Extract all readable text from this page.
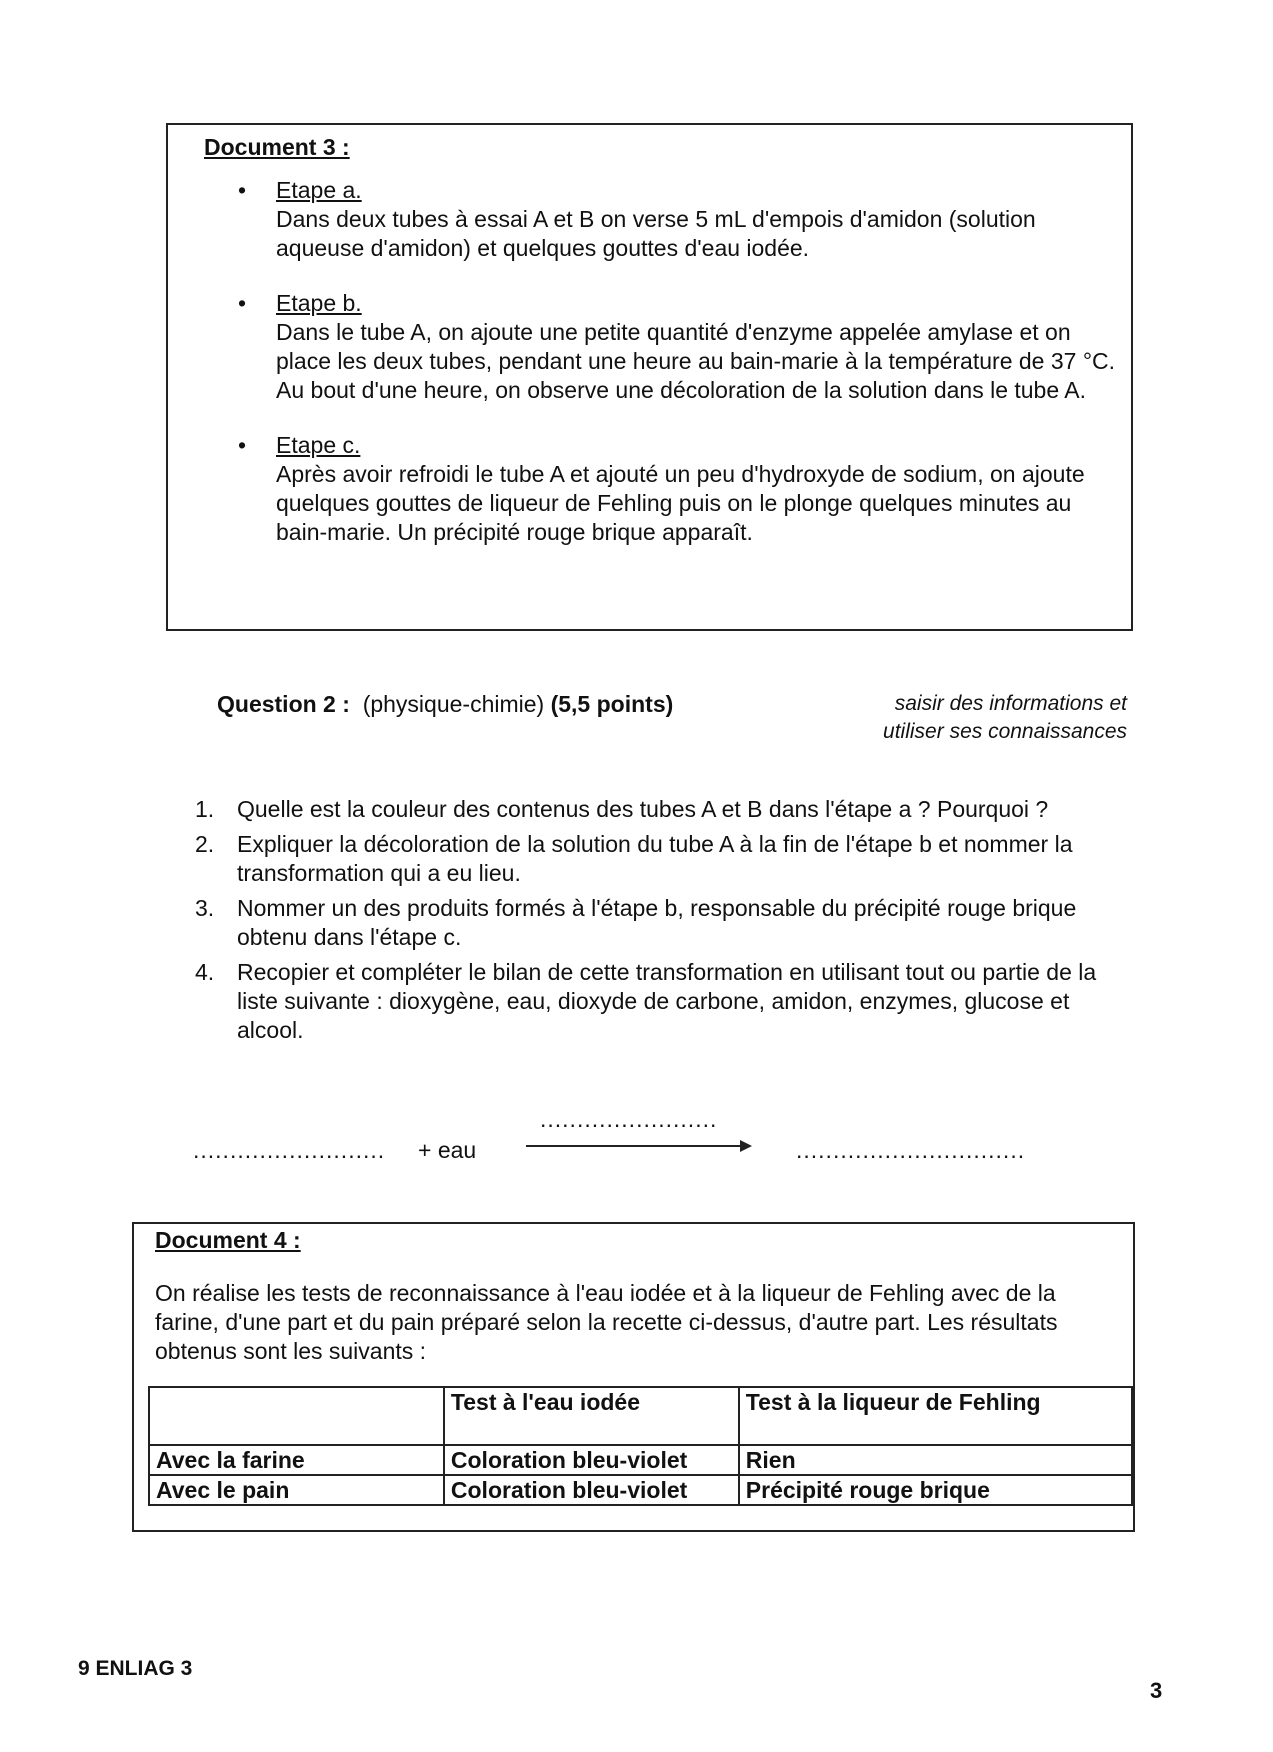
Document 3 :
• Etape a.
Dans deux tubes à essai A et B on verse 5 mL d'empois d'amidon (solution aqueuse d'amidon) et quelques gouttes d'eau iodée.
• Etape b.
Dans le tube A, on ajoute une petite quantité d'enzyme appelée amylase et on place les deux tubes, pendant une heure au bain-marie à la température de 37 °C. Au bout d'une heure, on observe une décoloration de la solution dans le tube A.
• Etape c.
Après avoir refroidi le tube A et ajouté un peu d'hydroxyde de sodium, on ajoute quelques gouttes de liqueur de Fehling puis on le plonge quelques minutes au bain-marie. Un précipité rouge brique apparaît.
Question 2 : (physique-chimie) (5,5 points)	saisir des informations et
utiliser ses connaissances
1. Quelle est la couleur des contenus des tubes A et B dans l'étape a ? Pourquoi ?
2. Expliquer la décoloration de la solution du tube A à la fin de l'étape b et nommer la transformation qui a eu lieu.
3. Nommer un des produits formés à l'étape b, responsable du précipité rouge brique obtenu dans l'étape c.
4. Recopier et compléter le bilan de cette transformation en utilisant tout ou partie de la liste suivante : dioxygène, eau, dioxyde de carbone, amidon, enzymes, glucose et alcool.
.......................... + eau
........................
...............................
Document 4 :
On réalise les tests de reconnaissance à l'eau iodée et à la liqueur de Fehling avec de la farine, d'une part et du pain préparé selon la recette ci-dessus, d'autre part. Les résultats obtenus sont les suivants :
	Test à l'eau iodée	Test à la liqueur de Fehling
Avec la farine	Coloration bleu-violet	Rien
Avec le pain	Coloration bleu-violet	Précipité rouge brique
9 ENLIAG 3
3
